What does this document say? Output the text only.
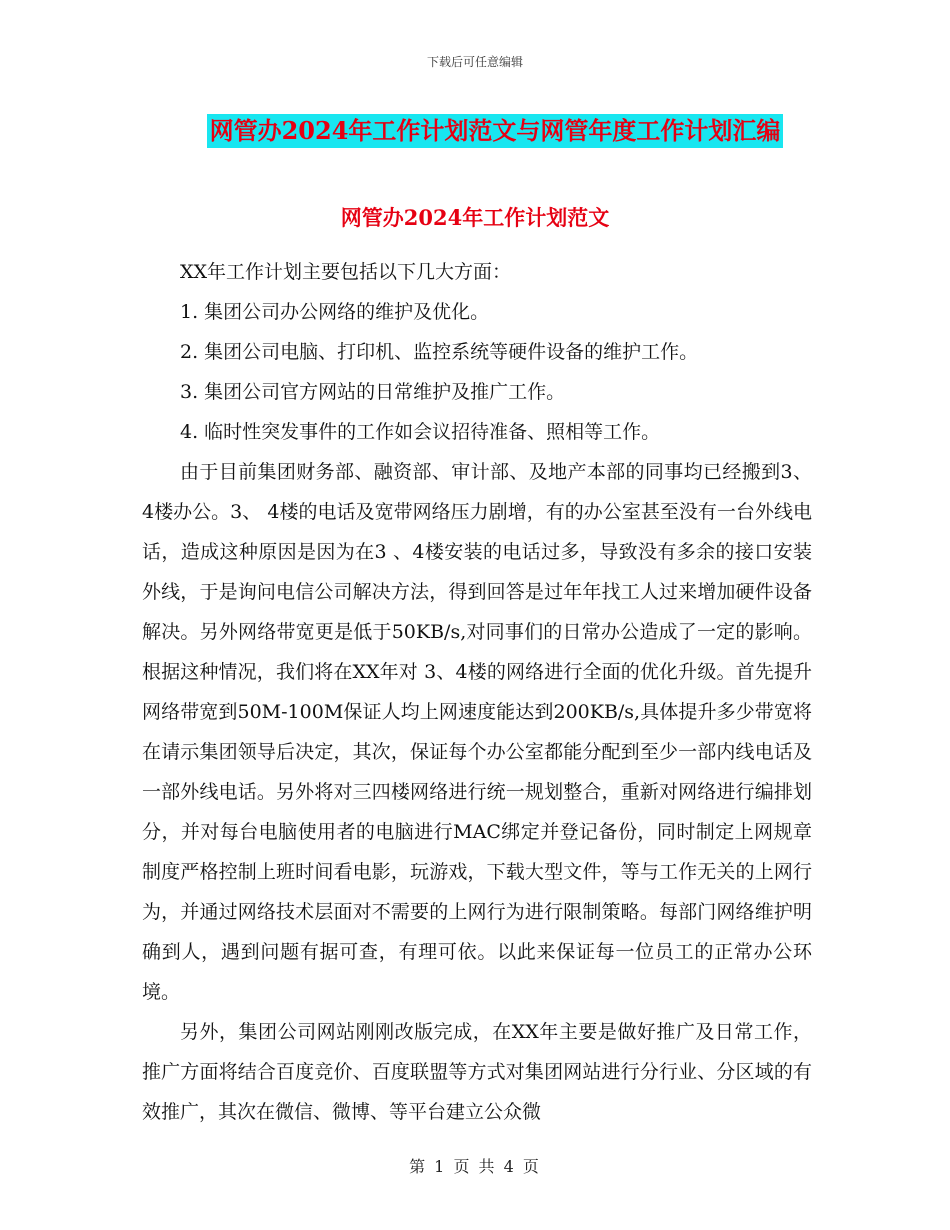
下载后可任意编辑
网管办2024年工作计划范文与网管年度工作计划汇编
网管办2024年工作计划范文

XX年工作计划主要包括以下几大方面：

1. 集团公司办公网络的维护及优化。

2. 集团公司电脑、打印机、监控系统等硬件设备的维护工作。

3. 集团公司官方网站的日常维护及推广工作。

4. 临时性突发事件的工作如会议招待准备、照相等工作。

由于目前集团财务部、融资部、审计部、及地产本部的同事均已经搬到3、 4楼办公。3、 4楼的电话及宽带网络压力剧增，有的办公室甚至没有一台外线电话，造成这种原因是因为在3 、4楼安装的电话过多，导致没有多余的接口安装外线，于是询问电信公司解决方法，得到回答是过年年找工人过来增加硬件设备解决。另外网络带宽更是低于50KB/s,对同事们的日常办公造成了一定的影响。根据这种情况，我们将在XX年对 3、4楼的网络进行全面的优化升级。首先提升网络带宽到50M-100M保证人均上网速度能达到200KB/s,具体提升多少带宽将在请示集团领导后决定，其次，保证每个办公室都能分配到至少一部内线电话及一部外线电话。另外将对三四楼网络进行统一规划整合，重新对网络进行编排划分，并对每台电脑使用者的电脑进行MAC绑定并登记备份，同时制定上网规章制度严格控制上班时间看电影，玩游戏，下载大型文件，等与工作无关的上网行为，并通过网络技术层面对不需要的上网行为进行限制策略。每部门网络维护明确到人，遇到问题有据可查，有理可依。以此来保证每一位员工的正常办公环境。

另外，集团公司网站刚刚改版完成，在XX年主要是做好推广及日常工作，推广方面将结合百度竞价、百度联盟等方式对集团网站进行分行业、分区域的有效推广，其次在微信、微博、等平台建立公众微

第 1 页 共 4 页
